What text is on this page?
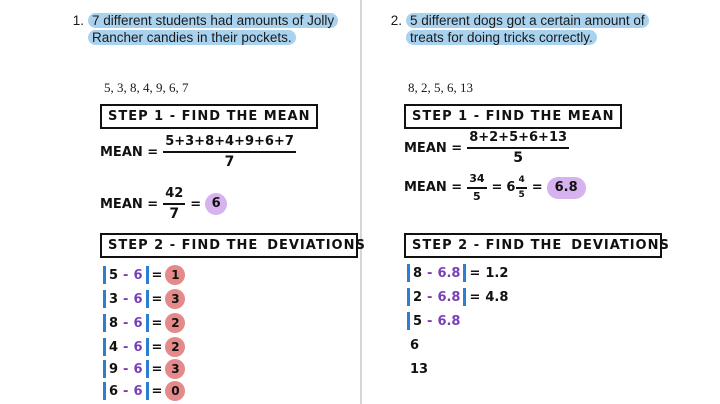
1. 7 different students had amounts of Jolly
Rancher candies in their pockets.
5, 3, 8, 4, 9, 6, 7
STEP 1 - FIND THE MEAN
MEAN = $\frac{5+3+8+4+9+6+7}{7}$
MEAN = $\frac{42}{7} = 6$
STEP 2 - FIND THE DEVIATIONS
5 - 6 = 1
3 - 6 = 3
8 - 6 = 2
4 - 6 = 2
9 - 6 = 3
6 - 6 = 0
2. 5 different dogs got a certain amount of
treats for doing tricks correctly.
8, 2, 5, 6, 13
STEP 1 - FIND THE MEAN
MEAN = $\frac{8+2+5+6+13}{5}$
MEAN = $\frac{34}{5} = 6 \frac{4}{5} = 6.8$
STEP 2 - FIND THE DEVIATIONS
8 - 6.8 = 1.2
2 - 6.8 = 4.8
5 - 6.8
6
13
